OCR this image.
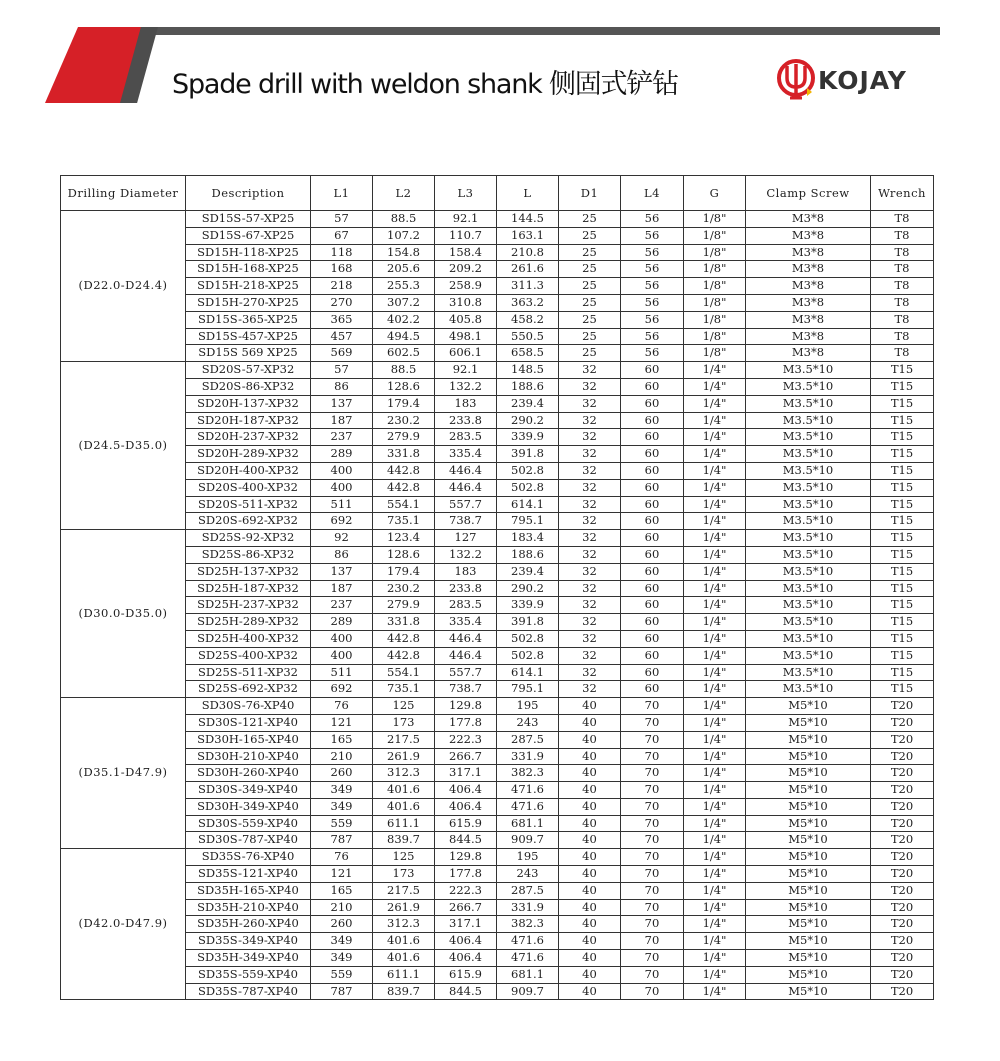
Spade drill with weldon shank 侧固式铲钻	KOJAY
Drilling Diameter	Description	L1	L2	L3	L	D1	L4	G	Clamp Screw	Wrench
(D22.0-D24.4)	SD15S-57-XP25	57	88.5	92.1	144.5	25	56	1/8"	M3*8	T8
	SD15S-67-XP25	67	107.2	110.7	163.1	25	56	1/8"	M3*8	T8
	SD15H-118-XP25	118	154.8	158.4	210.8	25	56	1/8"	M3*8	T8
	SD15H-168-XP25	168	205.6	209.2	261.6	25	56	1/8"	M3*8	T8
	SD15H-218-XP25	218	255.3	258.9	311.3	25	56	1/8"	M3*8	T8
	SD15H-270-XP25	270	307.2	310.8	363.2	25	56	1/8"	M3*8	T8
	SD15S-365-XP25	365	402.2	405.8	458.2	25	56	1/8"	M3*8	T8
	SD15S-457-XP25	457	494.5	498.1	550.5	25	56	1/8"	M3*8	T8
	SD15S 569 XP25	569	602.5	606.1	658.5	25	56	1/8"	M3*8	T8
(D24.5-D35.0)	SD20S-57-XP32	57	88.5	92.1	148.5	32	60	1/4"	M3.5*10	T15
	SD20S-86-XP32	86	128.6	132.2	188.6	32	60	1/4"	M3.5*10	T15
	SD20H-137-XP32	137	179.4	183	239.4	32	60	1/4"	M3.5*10	T15
	SD20H-187-XP32	187	230.2	233.8	290.2	32	60	1/4"	M3.5*10	T15
	SD20H-237-XP32	237	279.9	283.5	339.9	32	60	1/4"	M3.5*10	T15
	SD20H-289-XP32	289	331.8	335.4	391.8	32	60	1/4"	M3.5*10	T15
	SD20H-400-XP32	400	442.8	446.4	502.8	32	60	1/4"	M3.5*10	T15
	SD20S-400-XP32	400	442.8	446.4	502.8	32	60	1/4"	M3.5*10	T15
	SD20S-511-XP32	511	554.1	557.7	614.1	32	60	1/4"	M3.5*10	T15
	SD20S-692-XP32	692	735.1	738.7	795.1	32	60	1/4"	M3.5*10	T15
(D30.0-D35.0)	SD25S-92-XP32	92	123.4	127	183.4	32	60	1/4"	M3.5*10	T15
	SD25S-86-XP32	86	128.6	132.2	188.6	32	60	1/4"	M3.5*10	T15
	SD25H-137-XP32	137	179.4	183	239.4	32	60	1/4"	M3.5*10	T15
	SD25H-187-XP32	187	230.2	233.8	290.2	32	60	1/4"	M3.5*10	T15
	SD25H-237-XP32	237	279.9	283.5	339.9	32	60	1/4"	M3.5*10	T15
	SD25H-289-XP32	289	331.8	335.4	391.8	32	60	1/4"	M3.5*10	T15
	SD25H-400-XP32	400	442.8	446.4	502.8	32	60	1/4"	M3.5*10	T15
	SD25S-400-XP32	400	442.8	446.4	502.8	32	60	1/4"	M3.5*10	T15
	SD25S-511-XP32	511	554.1	557.7	614.1	32	60	1/4"	M3.5*10	T15
	SD25S-692-XP32	692	735.1	738.7	795.1	32	60	1/4"	M3.5*10	T15
(D35.1-D47.9)	SD30S-76-XP40	76	125	129.8	195	40	70	1/4"	M5*10	T20
	SD30S-121-XP40	121	173	177.8	243	40	70	1/4"	M5*10	T20
	SD30H-165-XP40	165	217.5	222.3	287.5	40	70	1/4"	M5*10	T20
	SD30H-210-XP40	210	261.9	266.7	331.9	40	70	1/4"	M5*10	T20
	SD30H-260-XP40	260	312.3	317.1	382.3	40	70	1/4"	M5*10	T20
	SD30S-349-XP40	349	401.6	406.4	471.6	40	70	1/4"	M5*10	T20
	SD30H-349-XP40	349	401.6	406.4	471.6	40	70	1/4"	M5*10	T20
	SD30S-559-XP40	559	611.1	615.9	681.1	40	70	1/4"	M5*10	T20
	SD30S-787-XP40	787	839.7	844.5	909.7	40	70	1/4"	M5*10	T20
(D42.0-D47.9)	SD35S-76-XP40	76	125	129.8	195	40	70	1/4"	M5*10	T20
	SD35S-121-XP40	121	173	177.8	243	40	70	1/4"	M5*10	T20
	SD35H-165-XP40	165	217.5	222.3	287.5	40	70	1/4"	M5*10	T20
	SD35H-210-XP40	210	261.9	266.7	331.9	40	70	1/4"	M5*10	T20
	SD35H-260-XP40	260	312.3	317.1	382.3	40	70	1/4"	M5*10	T20
	SD35S-349-XP40	349	401.6	406.4	471.6	40	70	1/4"	M5*10	T20
	SD35H-349-XP40	349	401.6	406.4	471.6	40	70	1/4"	M5*10	T20
	SD35S-559-XP40	559	611.1	615.9	681.1	40	70	1/4"	M5*10	T20
	SD35S-787-XP40	787	839.7	844.5	909.7	40	70	1/4"	M5*10	T20
